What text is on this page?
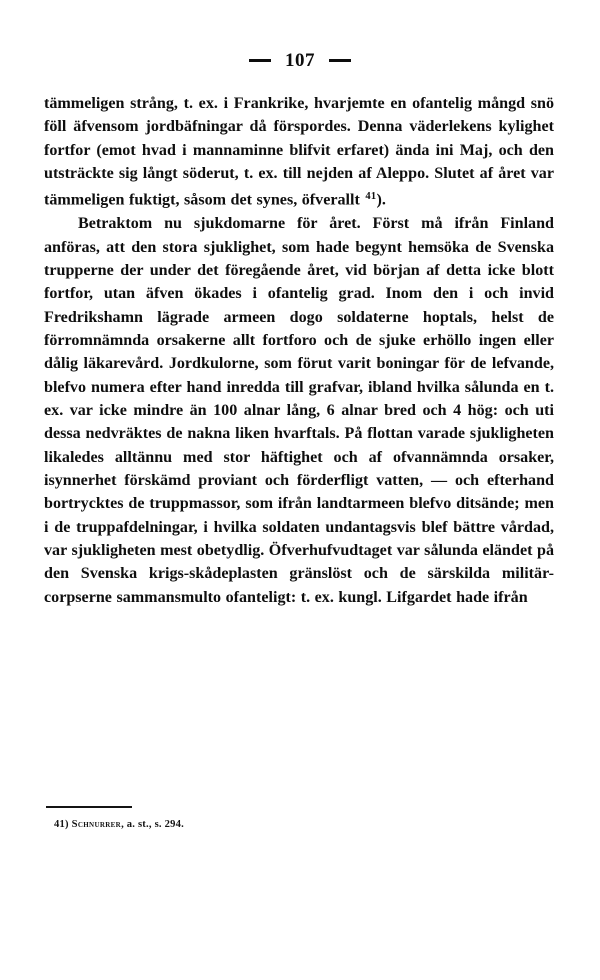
107

tämmeligen strång, t. ex. i Frankrike, hvarjemte en ofantelig mångd snö föll äfvensom jordbäfningar då förspordes. Denna väderlekens kylighet fortfor (emot hvad i mannaminne blifvit erfaret) ända ini Maj, och den utsträckte sig långt söderut, t. ex. till nejden af Aleppo. Slutet af året var tämmeligen fuktigt, såsom det synes, öfverallt $^{41}$).

Betraktom nu sjukdomarne för året. Först må ifrån Finland anföras, att den stora sjuklighet, som hade begynt hemsöka de Svenska trupperne der under det föregående året, vid början af detta icke blott fortfor, utan äfven ökades i ofantelig grad. Inom den i och invid Fredrikshamn lägrade armeen dogo soldaterne hoptals, helst de förromnämnda orsakerne allt fortforo och de sjuke erhöllo ingen eller dålig läkarevård. Jordkulorne, som förut varit boningar för de lefvande, blefvo numera efter hand inredda till grafvar, ibland hvilka sålunda en t. ex. var icke mindre än 100 alnar lång, 6 alnar bred och 4 hög: och uti dessa nedvräktes de nakna liken hvarftals. På flottan varade sjukligheten likaledes alltännu med stor häftighet och af ofvannämnda orsaker, isynnerhet förskämd proviant och förderfligt vatten, — och efterhand bortrycktes de truppmassor, som ifrån landtarmeen blefvo ditsände; men i de truppafdelningar, i hvilka soldaten undantagsvis blef bättre vårdad, var sjukligheten mest obetydlig. Öfverhufvudtaget var sålunda eländet på den Svenska krigs-skådeplasten gränslöst och de särskilda militär-corpserne sammansmulto ofanteligt: t. ex. kungl. Lifgardet hade ifrån

41) Schnurrer, a. st., s. 294.
